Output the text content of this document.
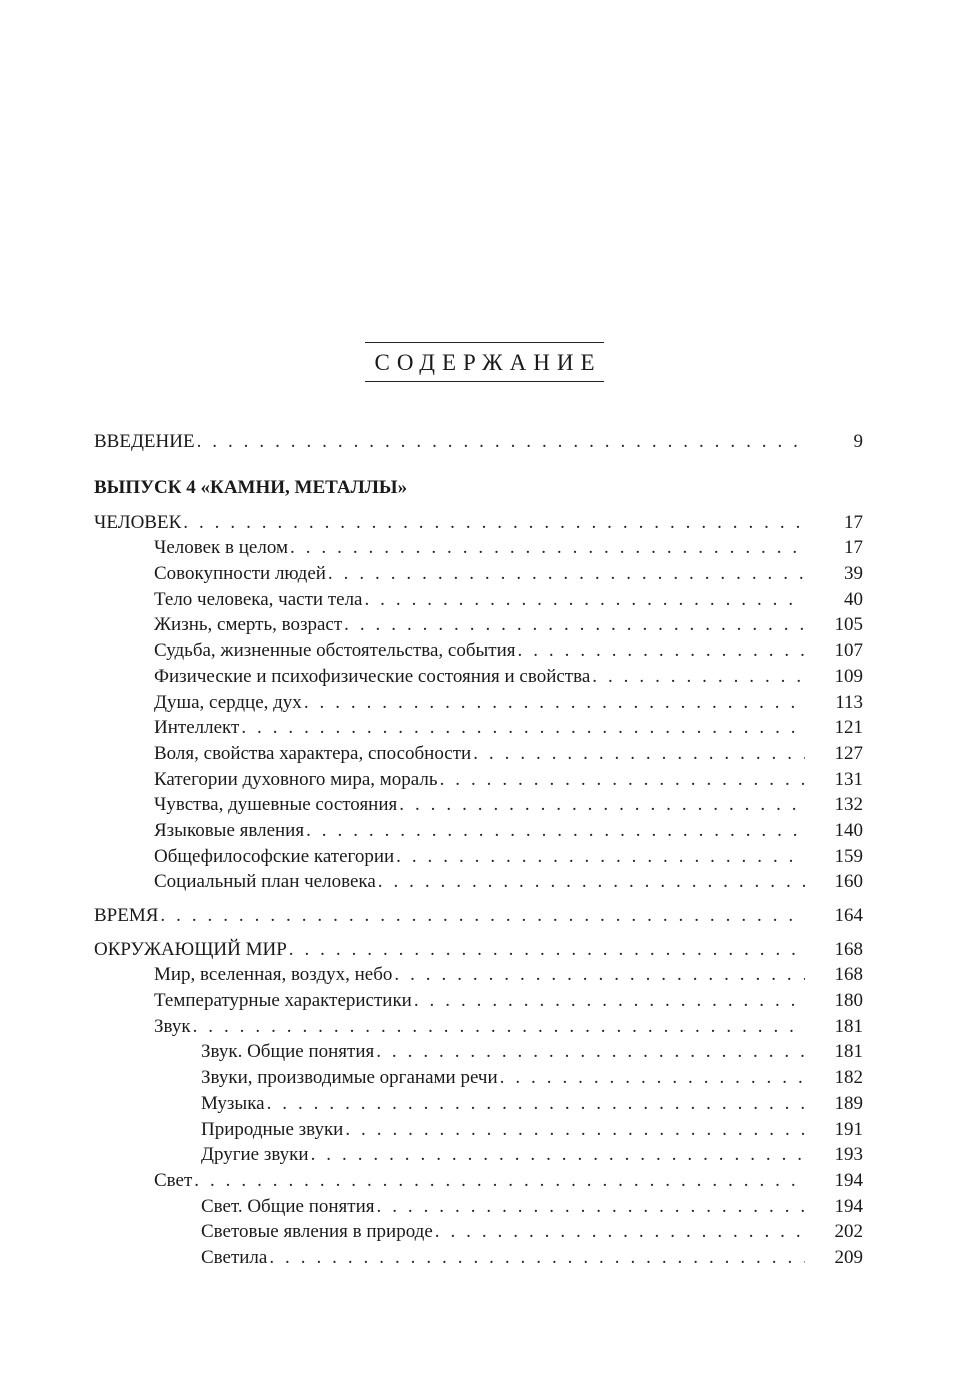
СОДЕРЖАНИЕ
ВВЕДЕНИЕ . . .	9
ВЫПУСК 4 «КАМНИ, МЕТАЛЛЫ»
ЧЕЛОВЕК . . .	17
Человек в целом . . .	17
Совокупности людей . . .	39
Тело человека, части тела . . .	40
Жизнь, смерть, возраст . . .	105
Судьба, жизненные обстоятельства, события . . .	107
Физические и психофизические состояния и свойства . . .	109
Душа, сердце, дух . . .	113
Интеллект . . .	121
Воля, свойства характера, способности . . .	127
Категории духовного мира, мораль . . .	131
Чувства, душевные состояния . . .	132
Языковые явления . . .	140
Общефилософские категории . . .	159
Социальный план человека . . .	160
ВРЕМЯ . . .	164
ОКРУЖАЮЩИЙ МИР . . .	168
Мир, вселенная, воздух, небо . . .	168
Температурные характеристики . . .	180
Звук . . .	181
Звук. Общие понятия . . .	181
Звуки, производимые органами речи . . .	182
Музыка . . .	189
Природные звуки . . .	191
Другие звуки . . .	193
Свет . . .	194
Свет. Общие понятия . . .	194
Световые явления в природе . . .	202
Светила . . .	209
